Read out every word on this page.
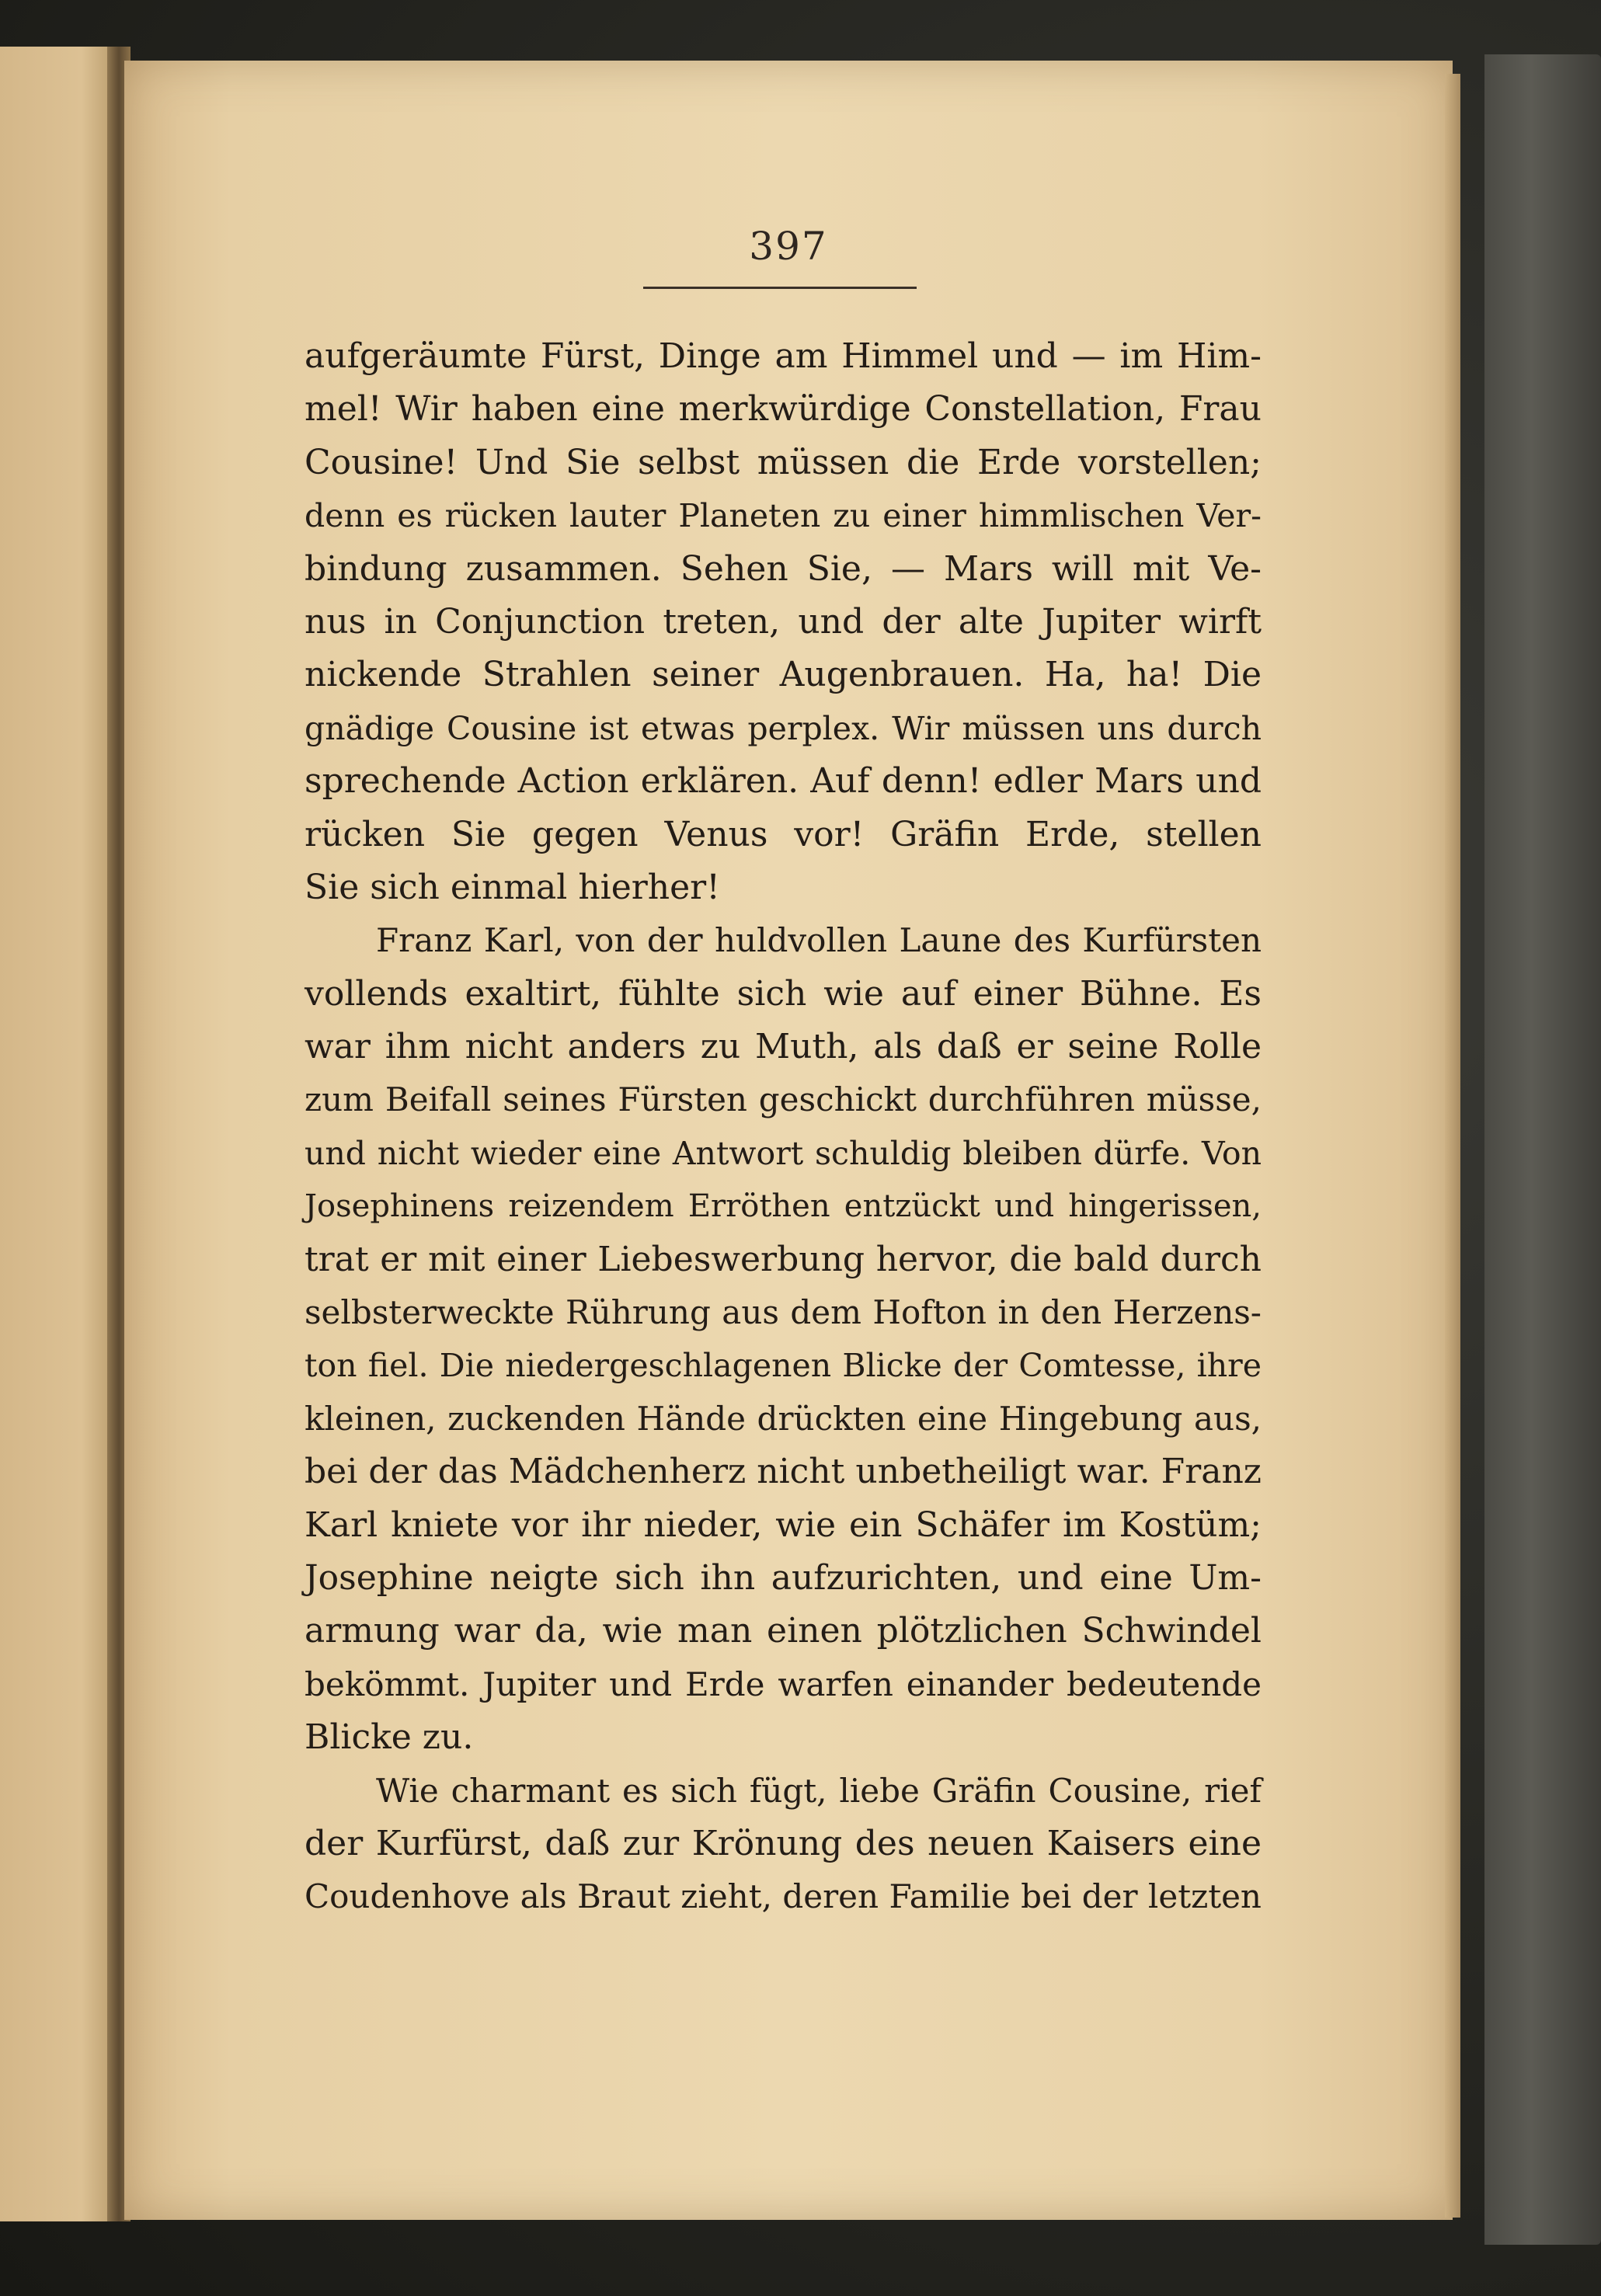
397
aufgeräumte Fürst, Dinge am Himmel und — im Him-
mel! Wir haben eine merkwürdige Constellation, Frau
Cousine! Und Sie selbst müssen die Erde vorstellen;
denn es rücken lauter Planeten zu einer himmlischen Ver-
bindung zusammen. Sehen Sie, — Mars will mit Ve-
nus in Conjunction treten, und der alte Jupiter wirft
nickende Strahlen seiner Augenbrauen. Ha, ha! Die
gnädige Cousine ist etwas perplex. Wir müssen uns durch
sprechende Action erklären. Auf denn! edler Mars und
rücken Sie gegen Venus vor! Gräfin Erde, stellen
Sie sich einmal hierher!
Franz Karl, von der huldvollen Laune des Kurfürsten
vollends exaltirt, fühlte sich wie auf einer Bühne. Es
war ihm nicht anders zu Muth, als daß er seine Rolle
zum Beifall seines Fürsten geschickt durchführen müsse,
und nicht wieder eine Antwort schuldig bleiben dürfe. Von
Josephinens reizendem Erröthen entzückt und hingerissen,
trat er mit einer Liebeswerbung hervor, die bald durch
selbsterweckte Rührung aus dem Hofton in den Herzens-
ton fiel. Die niedergeschlagenen Blicke der Comtesse, ihre
kleinen, zuckenden Hände drückten eine Hingebung aus,
bei der das Mädchenherz nicht unbetheiligt war. Franz
Karl kniete vor ihr nieder, wie ein Schäfer im Kostüm;
Josephine neigte sich ihn aufzurichten, und eine Um-
armung war da, wie man einen plötzlichen Schwindel
bekömmt. Jupiter und Erde warfen einander bedeutende
Blicke zu.
Wie charmant es sich fügt, liebe Gräfin Cousine, rief
der Kurfürst, daß zur Krönung des neuen Kaisers eine
Coudenhove als Braut zieht, deren Familie bei der letzten
